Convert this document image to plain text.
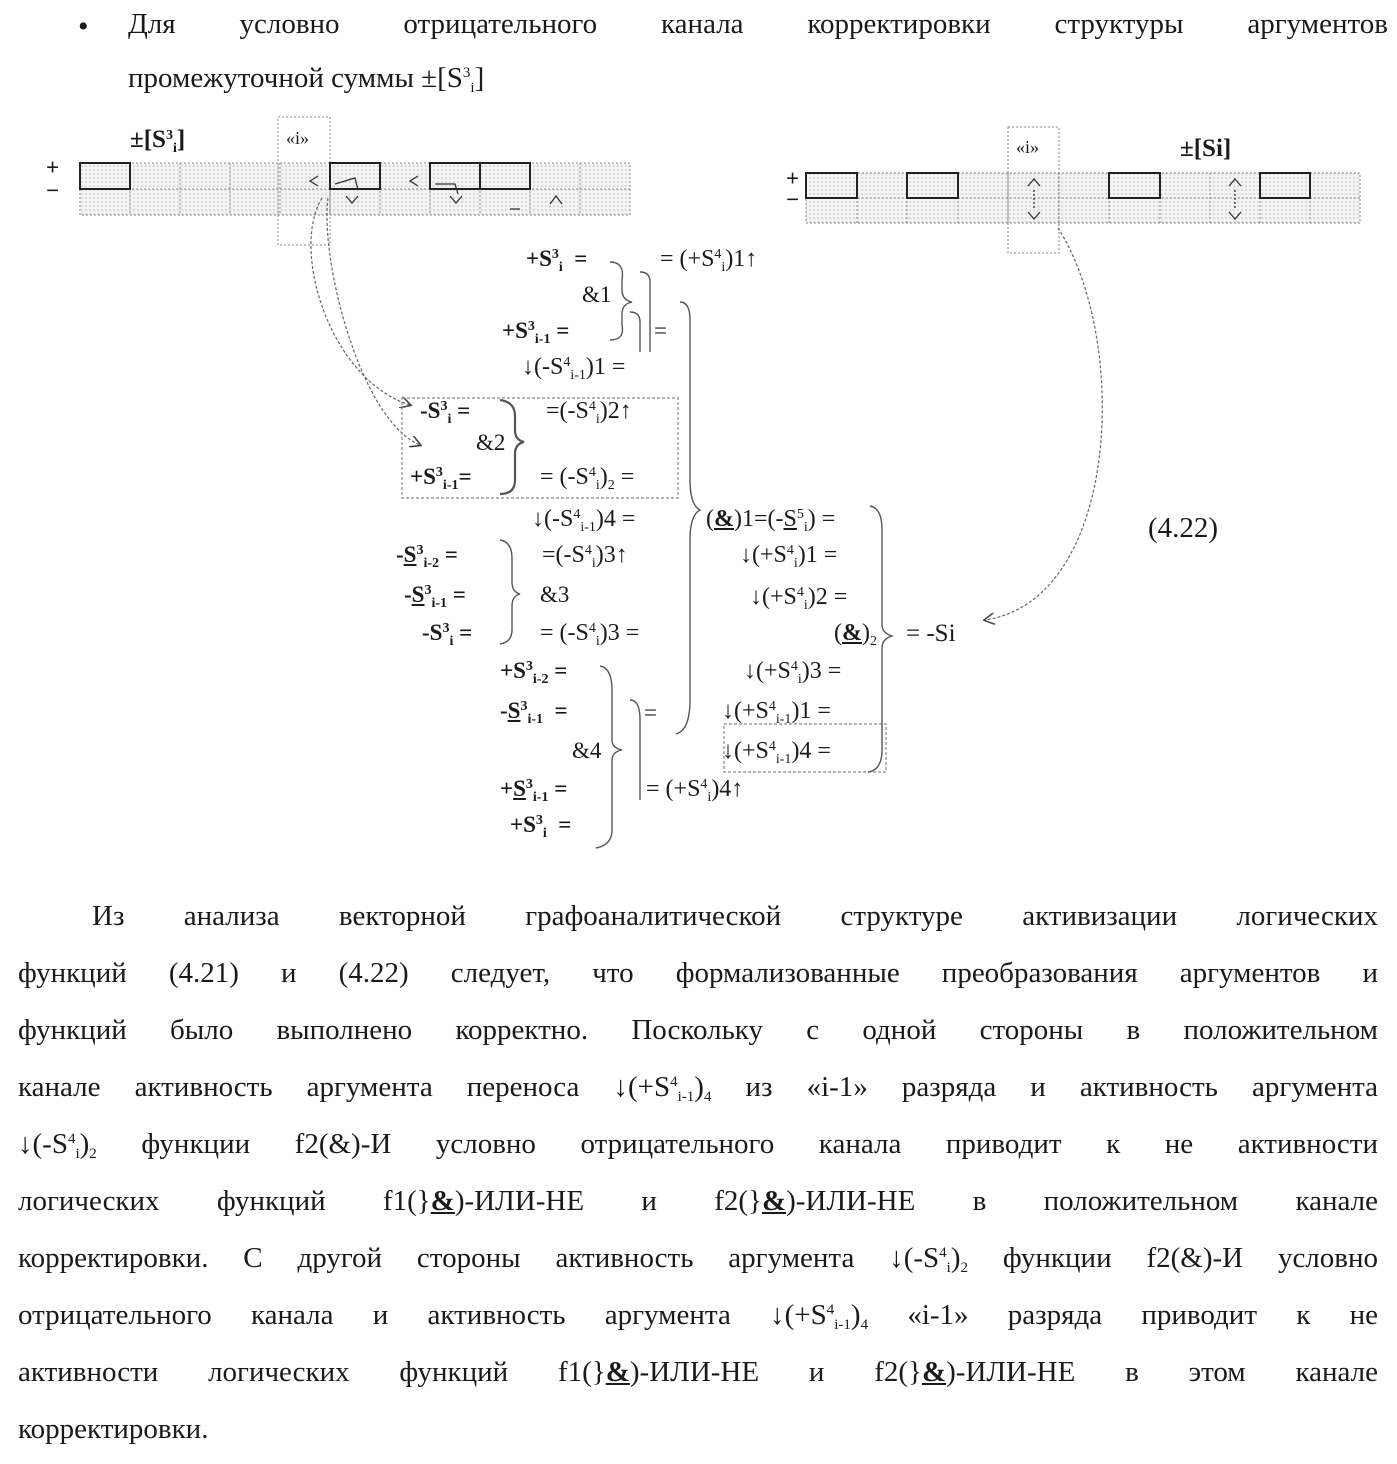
• Для условно отрицательного канала корректировки структуры аргументов
промежуточной суммы ±[S3i]
±[S3i]	±[Si]
«i»	«i»
+
−	+
−
+S3i  =	= (+S4i)1↑
&1
+S3i-1 =	=
↓(-S4i-1)1 =
-S3i =	=(-S4i)2↑
&2
+S3i-1=	= (-S4i)2 =
↓(-S4i-1)4 =	(&)1=(-S5i) =
-S3i-2 =	=(-S4i)3↑	↓(+S4i)1 =
-S3i-1 =	&3	↓(+S4i)2 =
-S3i =	= (-S4i)3 =	(&)2
+S3i-2 =	↓(+S4i)3 =
-S3i-1  =	=	↓(+S4i-1)1 =
&4	↓(+S4i-1)4 =
+S3i-1 =	= (+S4i)4↑
+S3i  =
= -Si
(4.22)
Из анализа векторной графоаналитической структуре активизации логических
функций (4.21) и (4.22) следует, что формализованные преобразования аргументов и
функций было выполнено корректно. Поскольку с одной стороны в положительном
канале активность аргумента переноса ↓(+S4i-1)4 из «i-1» разряда и активность аргумента
↓(-S4i)2 функции f2(&)-И условно отрицательного канала приводит к не активности
логических функций f1(}&)-ИЛИ-НЕ и f2(}&)-ИЛИ-НЕ в положительном канале
корректировки. С другой стороны активность аргумента ↓(-S4i)2 функции f2(&)-И условно
отрицательного канала и активность аргумента ↓(+S4i-1)4 «i-1» разряда приводит к не
активности логических функций f1(}&)-ИЛИ-НЕ и f2(}&)-ИЛИ-НЕ в этом канале
корректировки.
